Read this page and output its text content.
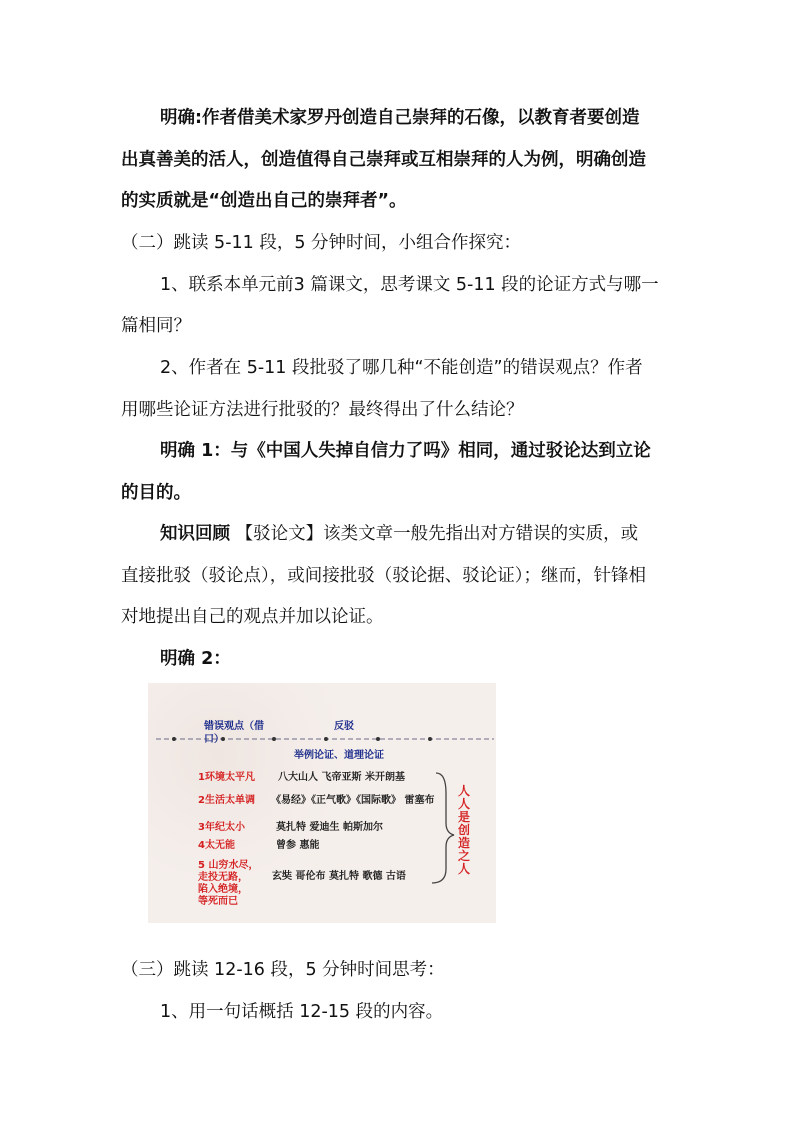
明确:作者借美术家罗丹创造自己崇拜的石像，以教育者要创造
出真善美的活人，创造值得自己崇拜或互相崇拜的人为例，明确创造
的实质就是“创造出自己的崇拜者”。
（二）跳读 5-11 段，5 分钟时间，小组合作探究：
1、联系本单元前3 篇课文，思考课文 5-11 段的论证方式与哪一
篇相同？
2、作者在 5-11 段批驳了哪几种“不能创造”的错误观点？作者
用哪些论证方法进行批驳的？最终得出了什么结论？
明确 1：与《中国人失掉自信力了吗》相同，通过驳论达到立论
的目的。
知识回顾 【驳论文】该类文章一般先指出对方错误的实质，或
直接批驳（驳论点），或间接批驳（驳论据、驳论证）；继而，针锋相
对地提出自己的观点并加以论证。
明确 2：
错误观点（借
口）
反驳
举例论证、道理论证
1环境太平凡 八大山人 飞帝亚斯 米开朗基
2生活太单调 《易经》《正气歌》《国际歌》 雷塞布
3年纪太小	莫扎特 爱迪生 帕斯加尔
4太无能	曾参 惠能
5 山穷水尽，
走投无路，
陷入绝境，
等死而已
玄奘 哥伦布 莫扎特 歌德 古语
人人是创造之人
（三）跳读 12-16 段，5 分钟时间思考：
1、用一句话概括 12-15 段的内容。
